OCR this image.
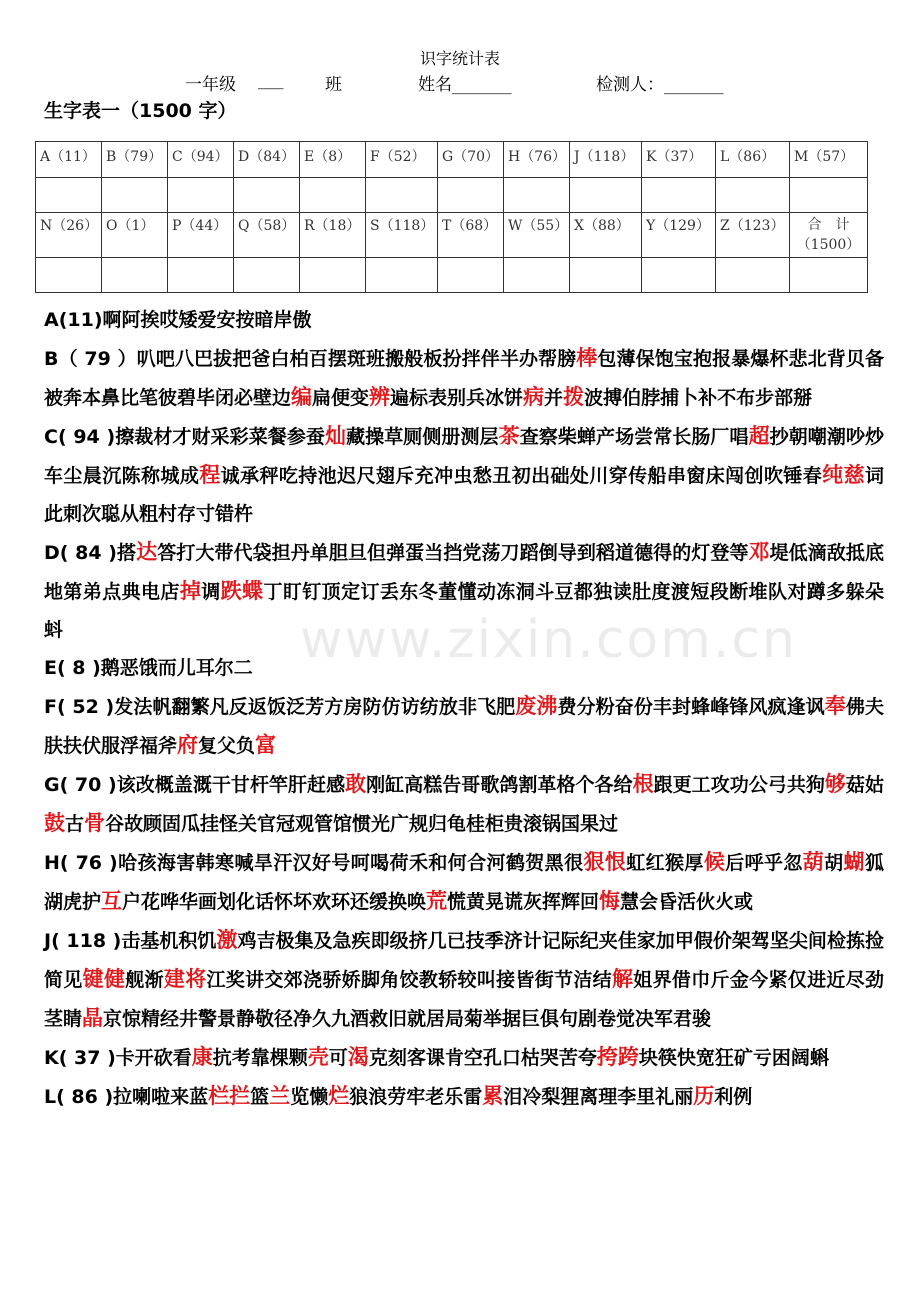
识字统计表
一年级 ___ 班	姓名_______	检测人：_______
生字表一（1500 字）
A（11）	B（79）	C（94）	D（84）	E（8）	F（52）	G（70）	H（76）	J（118）	K（37）	L（86）	M（57）

N（26）	O（1）	P（44）	Q（58）	R（18）	S（118）	T（68）	W（55）	X（88）	Y（129）	Z（123）	合　计
（1500）

A(11)啊阿挨哎矮爱安按暗岸傲

B（ 79 ）叭吧八巴拔把爸白柏百摆斑班搬般板扮拌伴半办帮膀棒包薄保饱宝抱报暴爆杯悲北背贝备被奔本鼻比笔彼碧毕闭必壁边编扁便变辨遍标表别兵冰饼病并拨波搏伯脖捕卜补不布步部掰

C( 94 )擦裁材才财采彩菜餐参蚕灿藏操草厕侧册测层茶查察柴蝉产场尝常长肠厂唱超抄朝嘲潮吵炒车尘晨沉陈称城成程诚承秤吃持池迟尺翅斥充冲虫愁丑初出础处川穿传船串窗床闯创吹锤春纯慈词此刺次聪从粗村存寸错杵

D( 84 )搭达答打大带代袋担丹单胆旦但弹蛋当挡党荡刀蹈倒导到稻道德得的灯登等邓堤低滴敌抵底地第弟点典电店掉调跌蝶丁盯钉顶定订丢东冬董懂动冻洞斗豆都独读肚度渡短段断堆队对蹲多躲朵蚪

E( 8 )鹅恶饿而儿耳尔二

F( 52 )发法帆翻繁凡反返饭泛芳方房防仿访纺放非飞肥废沸费分粉奋份丰封蜂峰锋风疯逢讽奉佛夫肤扶伏服浮福斧府复父负富

G( 70 )该改概盖溉干甘杆竿肝赶感敢刚缸高糕告哥歌鸽割革格个各给根跟更工攻功公弓共狗够菇姑鼓古骨谷故顾固瓜挂怪关官冠观管馆惯光广规归龟桂柜贵滚锅国果过

H( 76 )哈孩海害韩寒喊旱汗汉好号呵喝荷禾和何合河鹤贺黑很狠恨虹红猴厚候后呼乎忽葫胡蝴狐湖虎护互户花哗华画划化话怀坏欢环还缓换唤荒慌黄晃谎灰挥辉回悔慧会昏活伙火或

J( 118 )击基机积饥激鸡吉极集及急疾即级挤几已技季济计记际纪夹佳家加甲假价架驾坚尖间检拣捡简见键健舰渐建将江奖讲交郊浇骄娇脚角饺教轿较叫接皆街节洁结解姐界借巾斤金今紧仅进近尽劲茎睛晶京惊精经井警景静敬径净久九酒救旧就居局菊举据巨俱句剧卷觉决军君骏

K( 37 )卡开砍看康抗考靠棵颗壳可渴克刻客课肯空孔口枯哭苦夸挎跨块筷快宽狂矿亏困阔蝌

L( 86 )拉喇啦来蓝栏拦篮兰览懒烂狼浪劳牢老乐雷累泪冷梨狸离理李里礼丽历利例

www.zixin.com.cn
